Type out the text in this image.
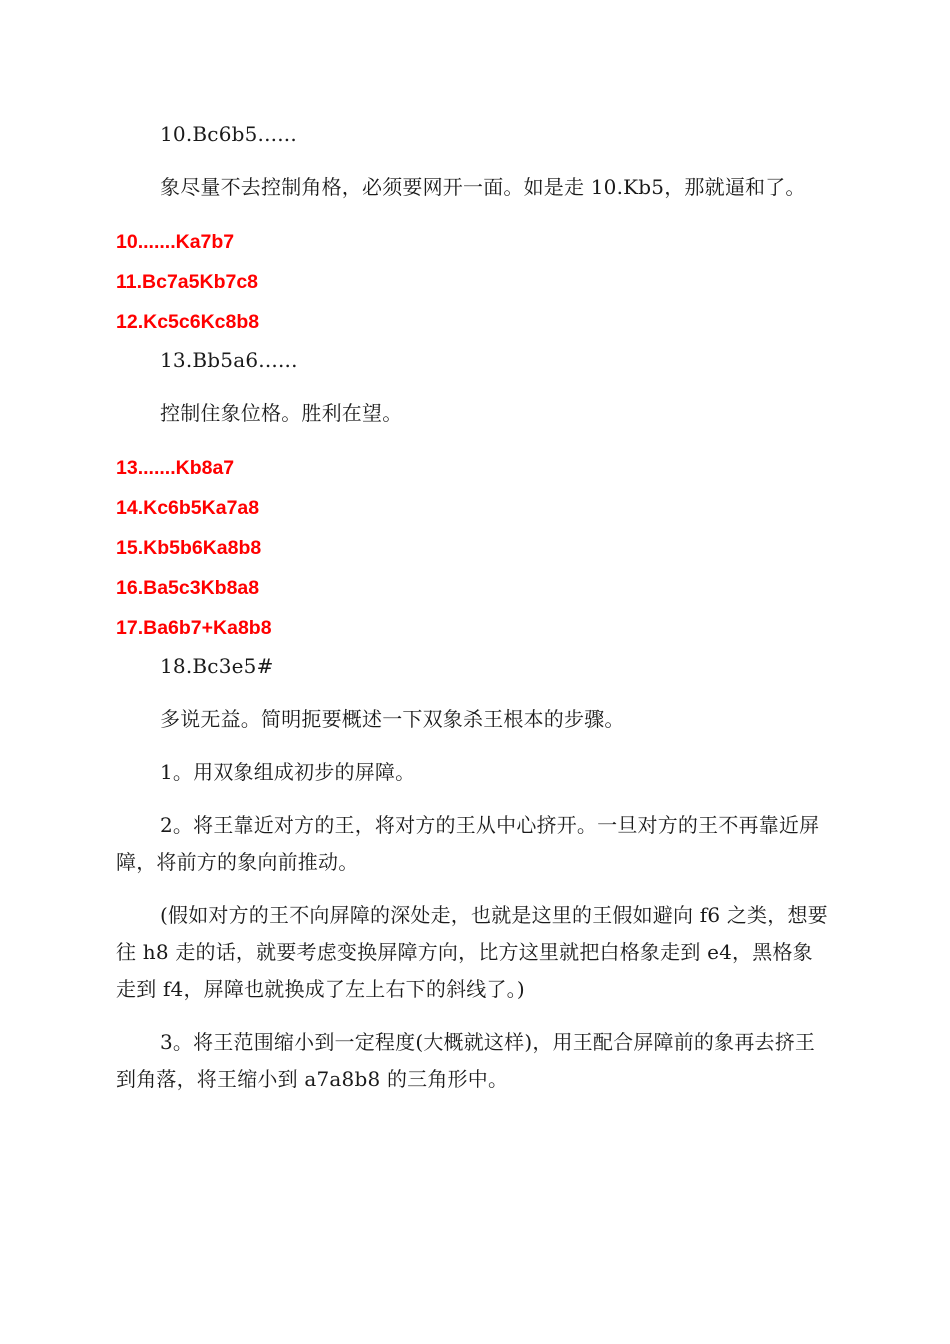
10.Bc6b5......

象尽量不去控制角格，必须要网开一面。如是走 10.Kb5，那就逼和了。

10.......Ka7b7

11.Bc7a5Kb7c8

12.Kc5c6Kc8b8

13.Bb5a6......

控制住象位格。胜利在望。

13.......Kb8a7

14.Kc6b5Ka7a8

15.Kb5b6Ka8b8

16.Ba5c3Kb8a8

17.Ba6b7+Ka8b8

18.Bc3e5#

多说无益。简明扼要概述一下双象杀王根本的步骤。

1。用双象组成初步的屏障。

2。将王靠近对方的王，将对方的王从中心挤开。一旦对方的王不再靠近屏障，将前方的象向前推动。

(假如对方的王不向屏障的深处走，也就是这里的王假如避向 f6 之类，想要往 h8 走的话，就要考虑变换屏障方向，比方这里就把白格象走到 e4，黑格象走到 f4，屏障也就换成了左上右下的斜线了。)

3。将王范围缩小到一定程度(大概就这样)，用王配合屏障前的象再去挤王到角落，将王缩小到 a7a8b8 的三角形中。
